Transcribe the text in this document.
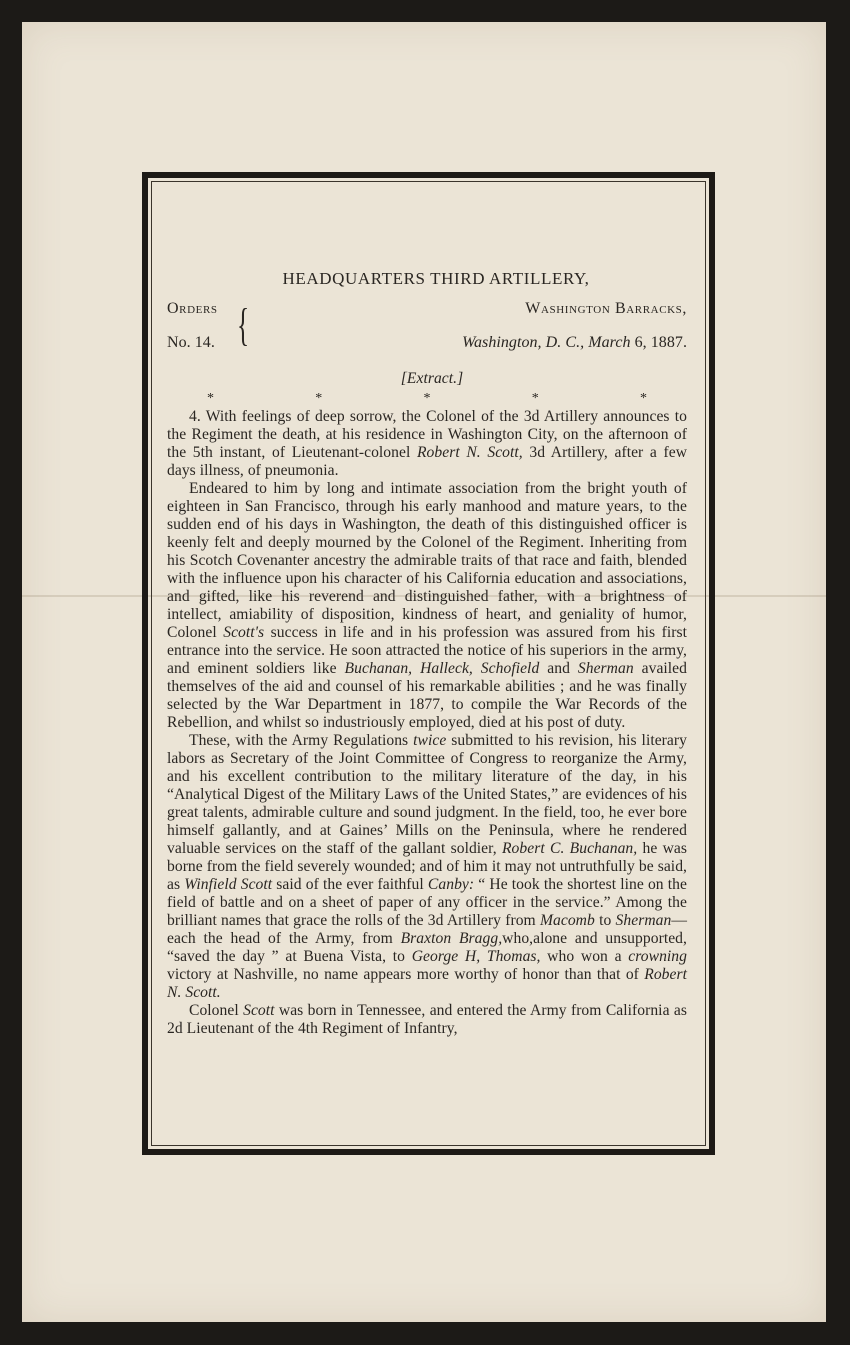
HEADQUARTERS THIRD ARTILLERY,
Orders
No. 14. {	Washington Barracks,
Washington, D. C., March 6, 1887.
[Extract.]
*	*	*	*	*

4. With feelings of deep sorrow, the Colonel of the 3d Artillery announces to the Regiment the death, at his residence in Washington City, on the afternoon of the 5th instant, of Lieutenant-colonel Robert N. Scott, 3d Artillery, after a few days illness, of pneumonia.

Endeared to him by long and intimate association from the bright youth of eighteen in San Francisco, through his early manhood and mature years, to the sudden end of his days in Washington, the death of this distinguished officer is keenly felt and deeply mourned by the Colonel of the Regiment. Inheriting from his Scotch Covenanter ancestry the admirable traits of that race and faith, blended with the influence upon his character of his California education and associations, and gifted, like his reverend and distinguished father, with a brightness of intellect, amiability of disposition, kindness of heart, and geniality of humor, Colonel Scott's success in life and in his profession was assured from his first entrance into the service. He soon attracted the notice of his superiors in the army, and eminent soldiers like Buchanan, Halleck, Schofield and Sherman availed themselves of the aid and counsel of his remarkable abilities ; and he was finally selected by the War Department in 1877, to compile the War Records of the Rebellion, and whilst so industriously employed, died at his post of duty.

These, with the Army Regulations twice submitted to his revision, his literary labors as Secretary of the Joint Committee of Congress to reorganize the Army, and his excellent contribution to the military literature of the day, in his “Analytical Digest of the Military Laws of the United States,” are evidences of his great talents, admirable culture and sound judgment. In the field, too, he ever bore himself gallantly, and at Gaines’ Mills on the Peninsula, where he rendered valuable services on the staff of the gallant soldier, Robert C. Buchanan, he was borne from the field severely wounded; and of him it may not untruthfully be said, as Winfield Scott said of the ever faithful Canby: “ He took the shortest line on the field of battle and on a sheet of paper of any officer in the service.” Among the brilliant names that grace the rolls of the 3d Artillery from Macomb to Sherman—each the head of the Army, from Braxton Bragg,who,alone and unsupported, “saved the day ” at Buena Vista, to George H, Thomas, who won a crowning victory at Nashville, no name appears more worthy of honor than that of Robert N. Scott.

Colonel Scott was born in Tennessee, and entered the Army from California as 2d Lieutenant of the 4th Regiment of Infantry,
